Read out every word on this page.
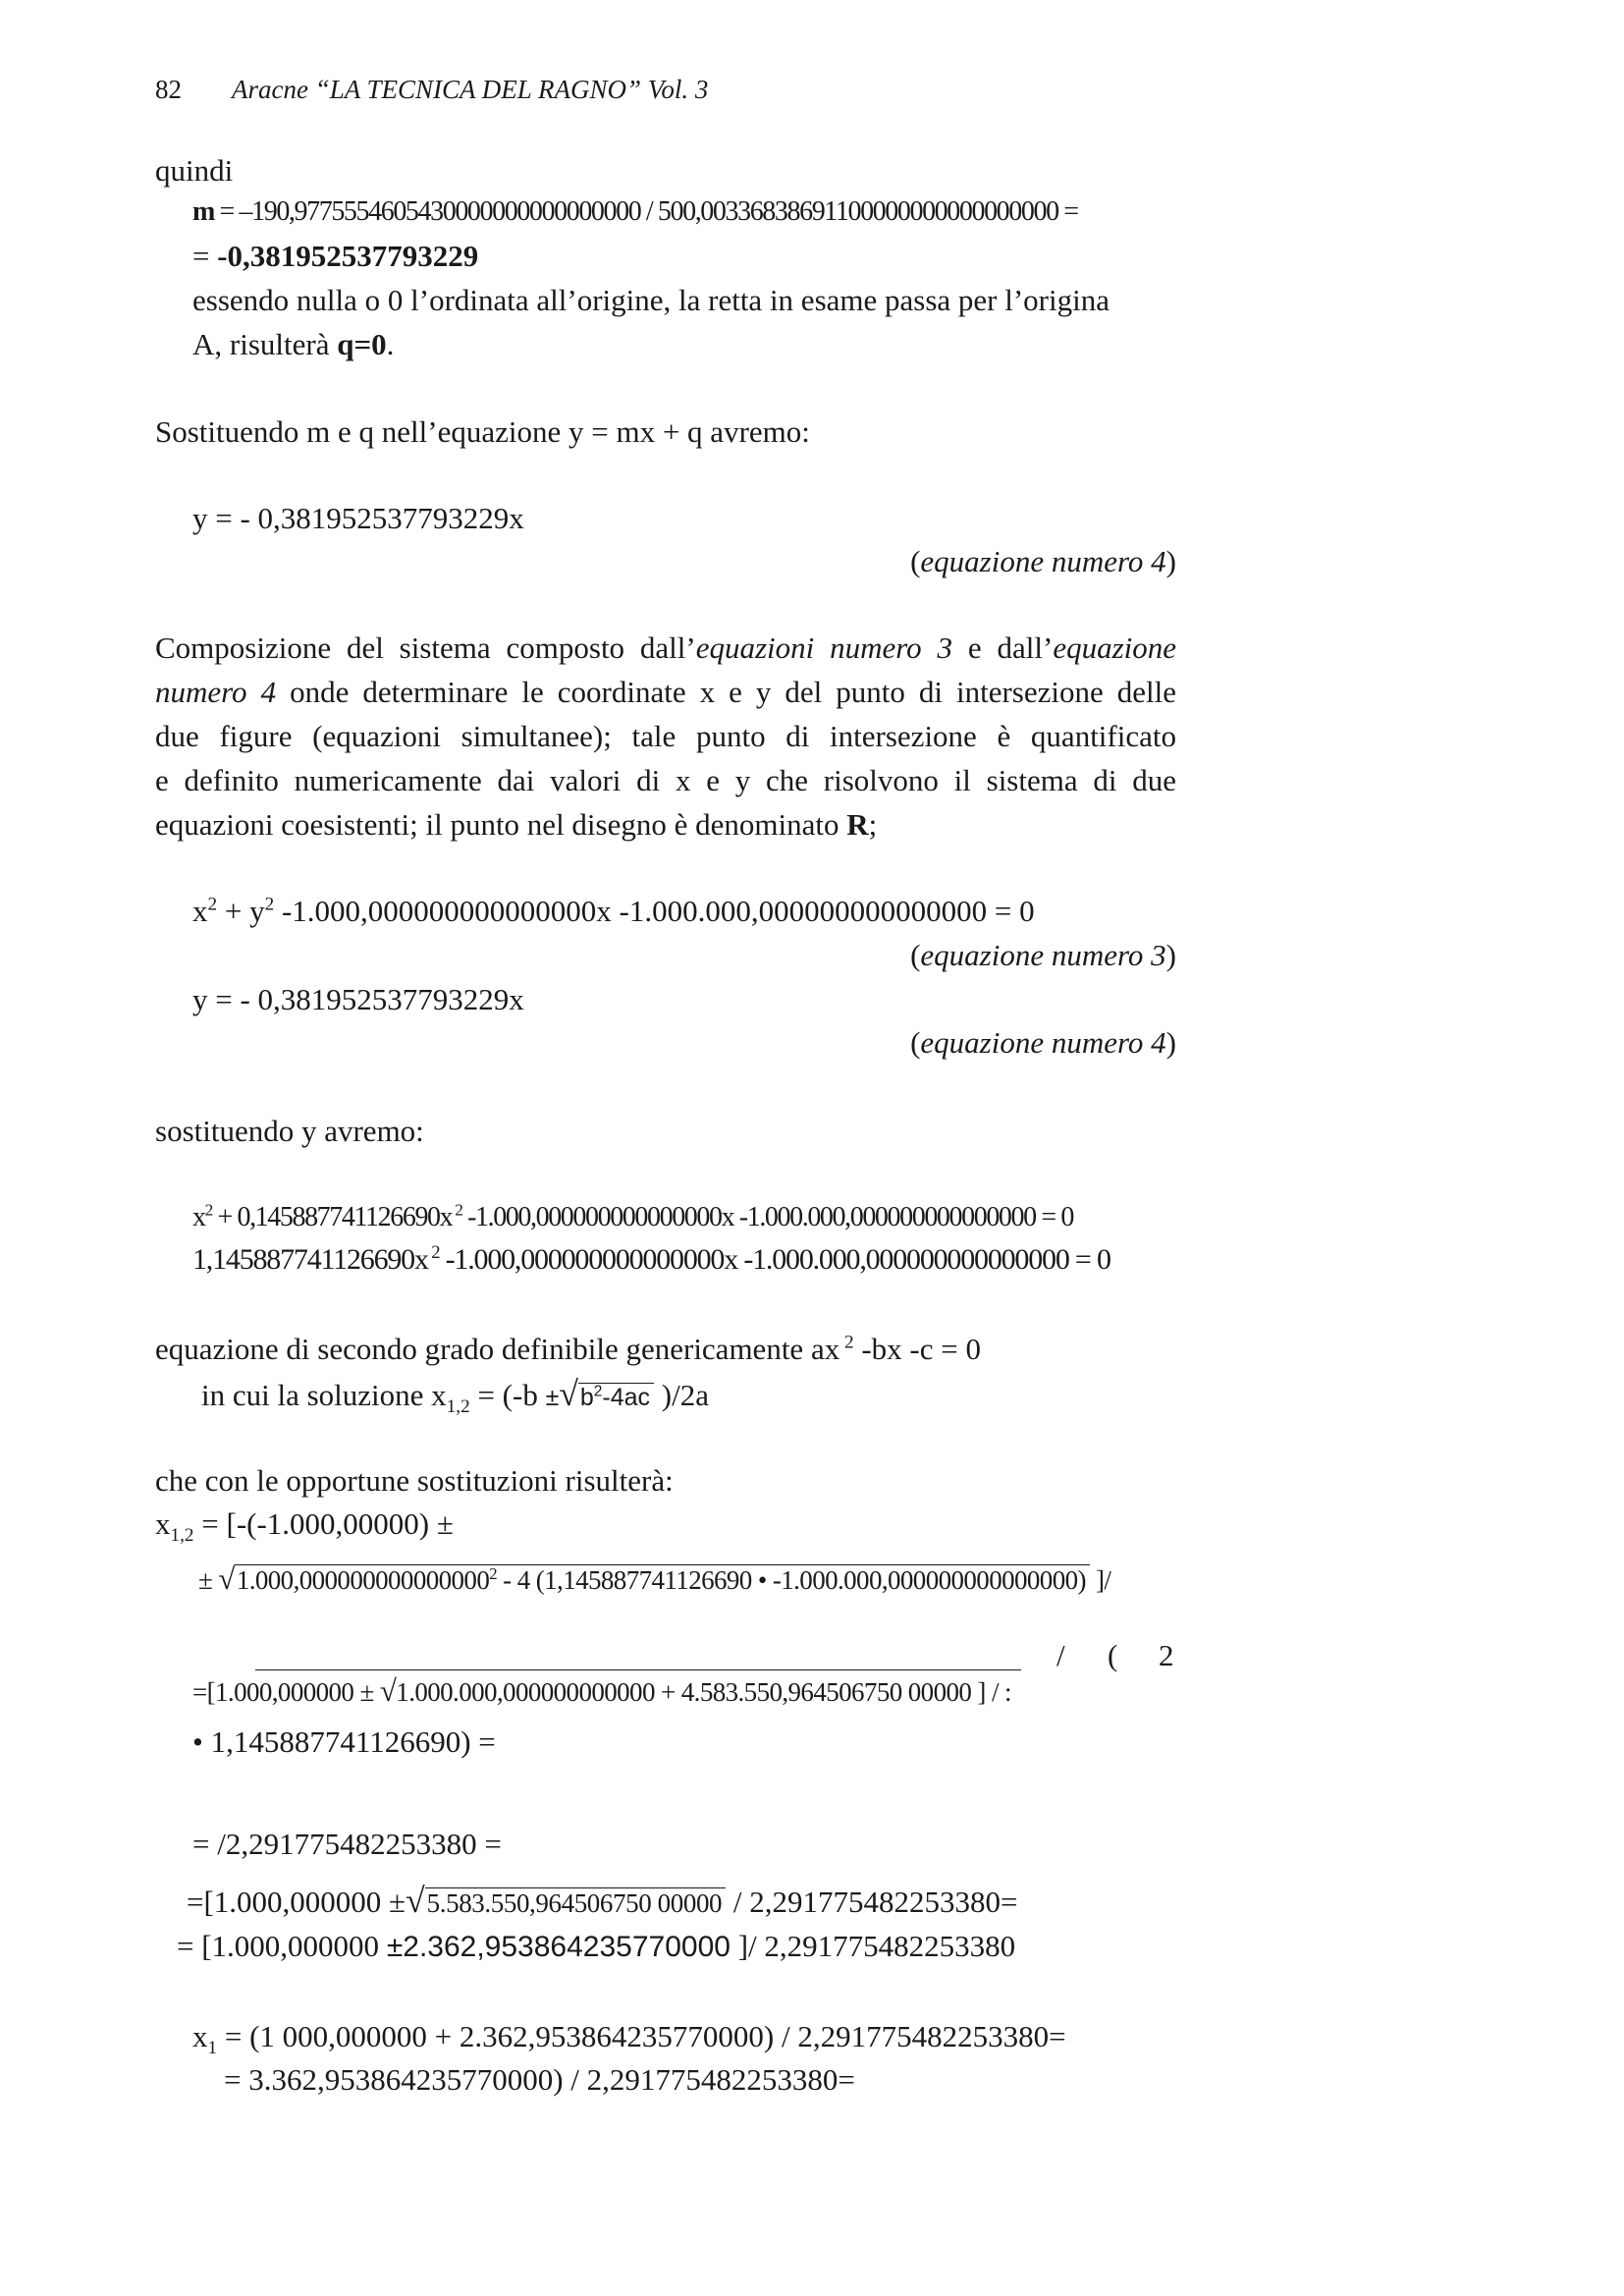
82 Aracne “LA TECNICA DEL RAGNO” Vol. 3
quindi
m = –190,9775554605430000000000000000 / 500,00336838691100000000000000000 =
= -0,381952537793229
essendo nulla o 0 l’ordinata all’origine, la retta in esame passa per l’origina
A, risulterà q=0.
Sostituendo m e q nell’equazione y = mx + q avremo:
y = - 0,381952537793229x
(equazione numero 4)
Composizione del sistema composto dall’equazioni numero 3 e dall’equazione
numero 4 onde determinare le coordinate x e y del punto di intersezione delle
due figure (equazioni simultanee); tale punto di intersezione è quantificato
e definito numericamente dai valori di x e y che risolvono il sistema di due
equazioni coesistenti; il punto nel disegno è denominato R;
$x^2 + y^2$ -1.000,000000000000000x -1.000.000,000000000000000 = 0
(equazione numero 3)
y = - 0,381952537793229x
(equazione numero 4)
sostituendo y avremo:
$x^2 + 0,145887741126690x$ $^2$ -1.000,000000000000000x -1.000.000,000000000000000 = 0
1,145887741126690x $^2$ -1.000,000000000000000x -1.000.000,000000000000000 = 0
equazione di secondo grado definibile genericamente ax $^2$ -bx -c = 0
in cui la soluzione $x_{1,2} = (-b \pm√b^2-4ac$ )/2a
che con le opportune sostituzioni risulterà:
$x_{1,2} = [-(-1.000,00000)$ ±
± $√1.000,000000000000000^2 - 4$ (1,145887741126690 • -1.000.000,000000000000000) ]/
/ ( 2
=[1.000,000000 ± √1.000.000,000000000000 + 4.583.550,964506750 00000 ] / :
• 1,145887741126690) =
= /2,291775482253380 =
=[1.000,000000 ±√5.583.550,964506750 00000 / 2,291775482253380=
= [1.000,000000 ±2.362,953864235770000 ]/ 2,291775482253380
$x_1 = (1$ 000,000000 + 2.362,953864235770000) / 2,291775482253380=
= 3.362,953864235770000) / 2,291775482253380=
